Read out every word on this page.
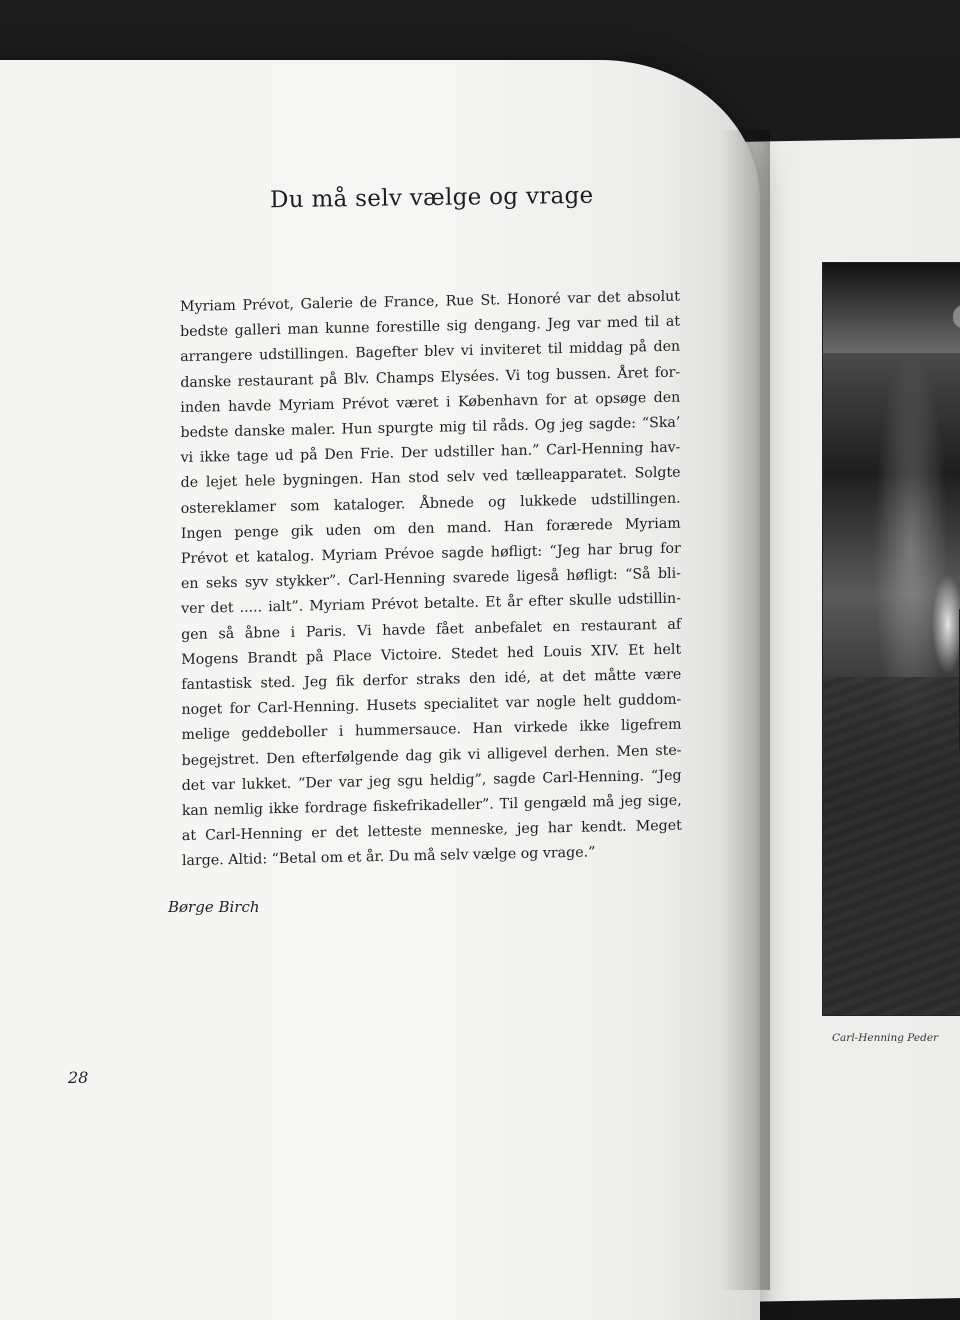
Carl-Henning Peder
Du må selv vælge og vrage
Myriam Prévot, Galerie de France, Rue St. Honoré var det absolut
bedste galleri man kunne forestille sig dengang. Jeg var med til at
arrangere udstillingen. Bagefter blev vi inviteret til middag på den
danske restaurant på Blv. Champs Elysées. Vi tog bussen. Året for-
inden havde Myriam Prévot været i København for at opsøge den
bedste danske maler. Hun spurgte mig til råds. Og jeg sagde: “Ska’
vi ikke tage ud på Den Frie. Der udstiller han.” Carl-Henning hav-
de lejet hele bygningen. Han stod selv ved tælleapparatet. Solgte
ostereklamer som kataloger. Åbnede og lukkede udstillingen.
Ingen penge gik uden om den mand. Han forærede Myriam
Prévot et katalog. Myriam Prévoe sagde høfligt: “Jeg har brug for
en seks syv stykker”. Carl-Henning svarede ligeså høfligt: “Så bli-
ver det ..... ialt”. Myriam Prévot betalte. Et år efter skulle udstillin-
gen så åbne i Paris. Vi havde fået anbefalet en restaurant af
Mogens Brandt på Place Victoire. Stedet hed Louis XIV. Et helt
fantastisk sted. Jeg fik derfor straks den idé, at det måtte være
noget for Carl-Henning. Husets specialitet var nogle helt guddom-
melige geddeboller i hummersauce. Han virkede ikke ligefrem
begejstret. Den efterfølgende dag gik vi alligevel derhen. Men ste-
det var lukket. “Der var jeg sgu heldig”, sagde Carl-Henning. “Jeg
kan nemlig ikke fordrage fiskefrikadeller”. Til gengæld må jeg sige,
at Carl-Henning er det letteste menneske, jeg har kendt. Meget
large. Altid: “Betal om et år. Du må selv vælge og vrage.”
Børge Birch
28
